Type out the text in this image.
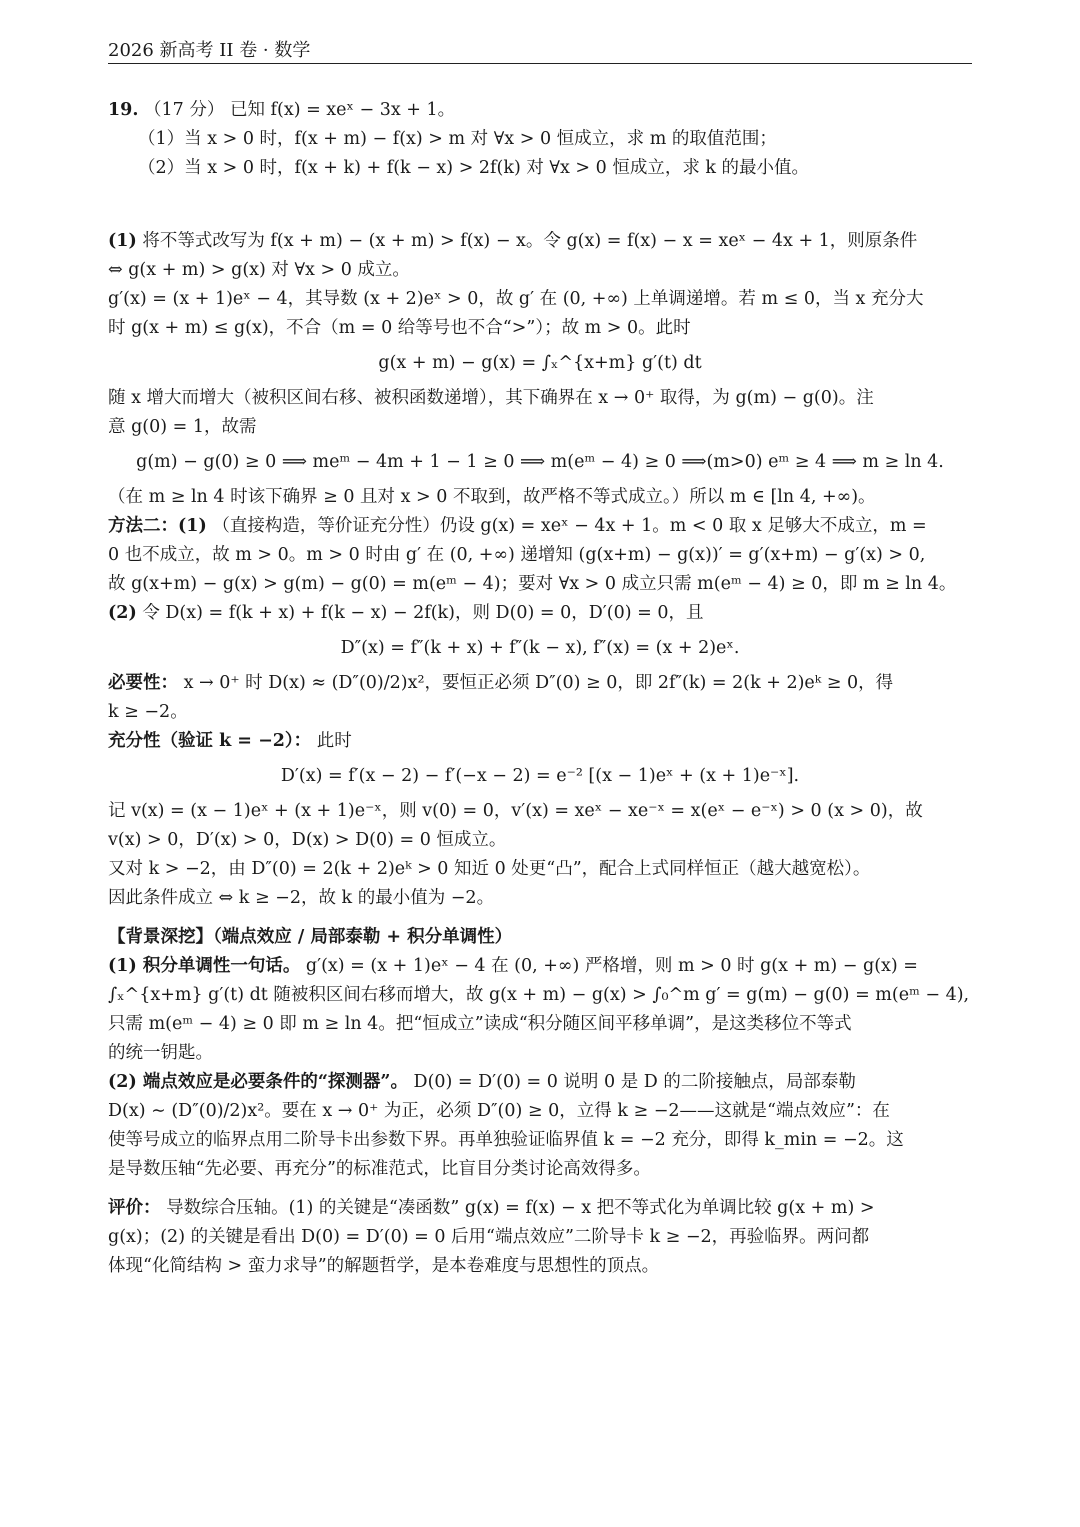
2026 新高考 II 卷 · 数学
19. （17 分） 已知 f(x) = xeˣ − 3x + 1。
（1）当 x > 0 时，f(x + m) − f(x) > m 对 ∀x > 0 恒成立，求 m 的取值范围；
（2）当 x > 0 时，f(x + k) + f(k − x) > 2f(k) 对 ∀x > 0 恒成立，求 k 的最小值。
(1) 将不等式改写为 f(x + m) − (x + m) > f(x) − x。令 g(x) = f(x) − x = xeˣ − 4x + 1，则原条件
⇔ g(x + m) > g(x) 对 ∀x > 0 成立。
g′(x) = (x + 1)eˣ − 4，其导数 (x + 2)eˣ > 0，故 g′ 在 (0, +∞) 上单调递增。若 m ≤ 0，当 x 充分大
时 g(x + m) ≤ g(x)，不合（m = 0 给等号也不合“>”）；故 m > 0。此时
g(x + m) − g(x) = ∫ₓ^{x+m} g′(t) dt
随 x 增大而增大（被积区间右移、被积函数递增），其下确界在 x → 0⁺ 取得，为 g(m) − g(0)。注
意 g(0) = 1，故需
g(m) − g(0) ≥ 0 ⟹ meᵐ − 4m + 1 − 1 ≥ 0 ⟹ m(eᵐ − 4) ≥ 0 ⟹(m>0) eᵐ ≥ 4 ⟹ m ≥ ln 4.
（在 m ≥ ln 4 时该下确界 ≥ 0 且对 x > 0 不取到，故严格不等式成立。）所以 m ∈ [ln 4, +∞)。
方法二：(1) （直接构造，等价证充分性）仍设 g(x) = xeˣ − 4x + 1。m < 0 取 x 足够大不成立，m =
0 也不成立，故 m > 0。m > 0 时由 g′ 在 (0, +∞) 递增知 (g(x+m) − g(x))′ = g′(x+m) − g′(x) > 0,
故 g(x+m) − g(x) > g(m) − g(0) = m(eᵐ − 4)；要对 ∀x > 0 成立只需 m(eᵐ − 4) ≥ 0，即 m ≥ ln 4。
(2) 令 D(x) = f(k + x) + f(k − x) − 2f(k)，则 D(0) = 0，D′(0) = 0，且
D″(x) = f″(k + x) + f″(k − x), f″(x) = (x + 2)eˣ.
必要性： x → 0⁺ 时 D(x) ≈ (D″(0)/2)x²，要恒正必须 D″(0) ≥ 0，即 2f″(k) = 2(k + 2)eᵏ ≥ 0，得
k ≥ −2。
充分性（验证 k = −2）： 此时
D′(x) = f′(x − 2) − f′(−x − 2) = e⁻² [(x − 1)eˣ + (x + 1)e⁻ˣ].
记 v(x) = (x − 1)eˣ + (x + 1)e⁻ˣ，则 v(0) = 0，v′(x) = xeˣ − xe⁻ˣ = x(eˣ − e⁻ˣ) > 0 (x > 0)，故
v(x) > 0，D′(x) > 0，D(x) > D(0) = 0 恒成立。
又对 k > −2，由 D″(0) = 2(k + 2)eᵏ > 0 知近 0 处更“凸”，配合上式同样恒正（越大越宽松）。
因此条件成立 ⇔ k ≥ −2，故 k 的最小值为 −2。
【背景深挖】（端点效应 / 局部泰勒 + 积分单调性）
(1) 积分单调性一句话。 g′(x) = (x + 1)eˣ − 4 在 (0, +∞) 严格增，则 m > 0 时 g(x + m) − g(x) =
∫ₓ^{x+m} g′(t) dt 随被积区间右移而增大，故 g(x + m) − g(x) > ∫₀^m g′ = g(m) − g(0) = m(eᵐ − 4),
只需 m(eᵐ − 4) ≥ 0 即 m ≥ ln 4。把“恒成立”读成“积分随区间平移单调”，是这类移位不等式
的统一钥匙。
(2) 端点效应是必要条件的“探测器”。 D(0) = D′(0) = 0 说明 0 是 D 的二阶接触点，局部泰勒
D(x) ∼ (D″(0)/2)x²。要在 x → 0⁺ 为正，必须 D″(0) ≥ 0，立得 k ≥ −2——这就是“端点效应”：在
使等号成立的临界点用二阶导卡出参数下界。再单独验证临界值 k = −2 充分，即得 k_min = −2。这
是导数压轴“先必要、再充分”的标准范式，比盲目分类讨论高效得多。
评价： 导数综合压轴。(1) 的关键是“凑函数” g(x) = f(x) − x 把不等式化为单调比较 g(x + m) >
g(x)；(2) 的关键是看出 D(0) = D′(0) = 0 后用“端点效应”二阶导卡 k ≥ −2，再验临界。两问都
体现“化简结构 > 蛮力求导”的解题哲学，是本卷难度与思想性的顶点。
